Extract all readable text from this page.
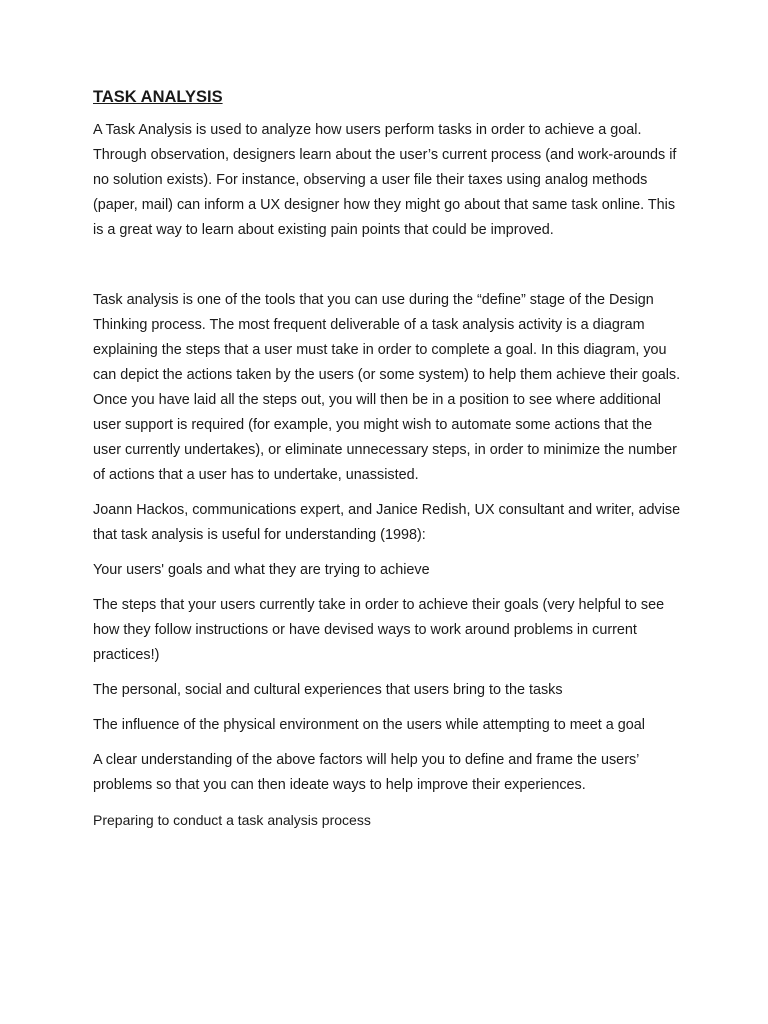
TASK ANALYSIS

A Task Analysis is used to analyze how users perform tasks in order to achieve a goal. Through observation, designers learn about the user’s current process (and work-arounds if no solution exists). For instance, observing a user file their taxes using analog methods (paper, mail) can inform a UX designer how they might go about that same task online. This is a great way to learn about existing pain points that could be improved.

Task analysis is one of the tools that you can use during the “define” stage of the Design Thinking process. The most frequent deliverable of a task analysis activity is a diagram explaining the steps that a user must take in order to complete a goal. In this diagram, you can depict the actions taken by the users (or some system) to help them achieve their goals. Once you have laid all the steps out, you will then be in a position to see where additional user support is required (for example, you might wish to automate some actions that the user currently undertakes), or eliminate unnecessary steps, in order to minimize the number of actions that a user has to undertake, unassisted.

Joann Hackos, communications expert, and Janice Redish, UX consultant and writer, advise that task analysis is useful for understanding (1998):

Your users' goals and what they are trying to achieve

The steps that your users currently take in order to achieve their goals (very helpful to see how they follow instructions or have devised ways to work around problems in current practices!)

The personal, social and cultural experiences that users bring to the tasks

The influence of the physical environment on the users while attempting to meet a goal

A clear understanding of the above factors will help you to define and frame the users’ problems so that you can then ideate ways to help improve their experiences.

Preparing to conduct a task analysis process
